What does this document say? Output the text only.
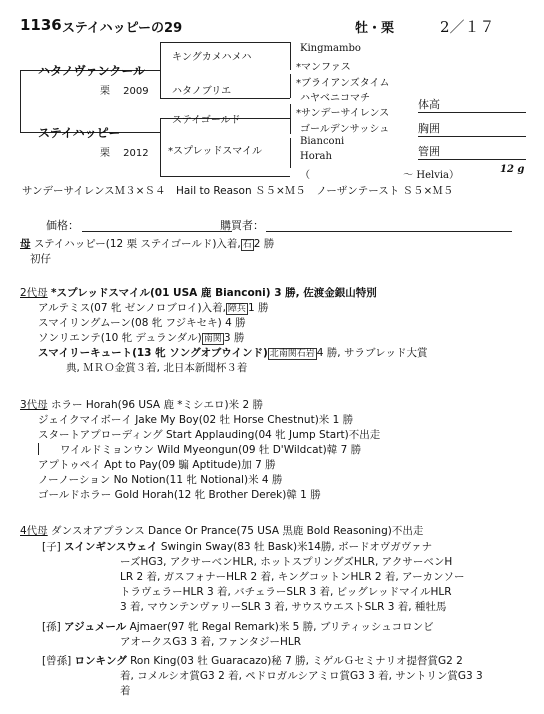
1136 ステイハッピーの29	牡・栗	2／１７
ハタノヴァンクール
栗　 2009
ステイハッピー
栗　 2012
キングカメハメハ
ハタノブリエ
ステイゴールド
*スプレッドスマイル
Kingmambo
*マンファス
*ブライアンズタイム
ハヤベニコマチ
*サンデーサイレンス
ゴールデンサッシュ
Bianconi
Horah
（　　　　　　　　　 ～ Helvia）
12 g
体高
胸囲
管囲
サンデーサイレンスＭ３×Ｓ４　Hail to Reason Ｓ５×Ｍ５　ノーザンテースト Ｓ５×Ｍ５
価格：	購買者：
母 ステイハッピー(12 栗 ステイゴールド)入着, 石 2 勝
初仔
2代母 *スプレッドスマイル(01 USA 鹿 Bianconi) 3 勝, 佐渡金銀山特別
アルテミス(07 牝 ゼンノロブロイ)入着, 障兵 1 勝
スマイリングムーン(08 牝 フジキセキ) 4 勝
ソンリエンテ(10 牝 デュランダル) 南関 3 勝
スマイリーキュート(13 牝 ソングオブウインド) 北南関石岩 4 勝, サラブレッド大賞
典, ＭＲＯ金賞３着, 北日本新聞杯３着
3代母 ホラー Horah(96 USA 鹿 *ミシエロ)米 2 勝
ジェイクマイボーイ Jake My Boy(02 牡 Horse Chestnut)米 1 勝
スタートアプローディング Start Applauding(04 牝 Jump Start)不出走
ワイルドミョンウン Wild Myeongun(09 牡 D'Wildcat)韓 7 勝
アプトゥペイ Apt to Pay(09 騸 Aptitude)加 7 勝
ノーノーション No Notion(11 牝 Notional)米 4 勝
ゴールドホラー Gold Horah(12 牝 Brother Derek)韓 1 勝
4代母 ダンスオアプランス Dance Or Prance(75 USA 黒鹿 Bold Reasoning)不出走
[子] スインギンスウェイ Swingin Sway(83 牡 Bask)米14勝, ボードオヴガヴァナ
ーズHG3, アクサーベンHLR, ホットスプリングズHLR, アクサーベンH
LR 2 着, ガスフォナーHLR 2 着, キングコットンHLR 2 着, アーカンソー
トラヴェラーHLR 3 着, バチェラーSLR 3 着, ビッグレッドマイルHLR
3 着, マウンテンヴァリーSLR 3 着, サウスウエストSLR 3 着, 種牡馬
[孫] アジュメール Ajmaer(97 牝 Regal Remark)米 5 勝, ブリティッシュコロンビ
アオークスG3 3 着, ファンタジーHLR
[曾孫] ロンキング Ron King(03 牡 Guaracazo)秘 7 勝, ミゲルＧセミナリオ提督賞G2 2
着, コメルシオ賞G3 2 着, ペドロガルシアミロ賞G3 3 着, サントリン賞G3 3
着
